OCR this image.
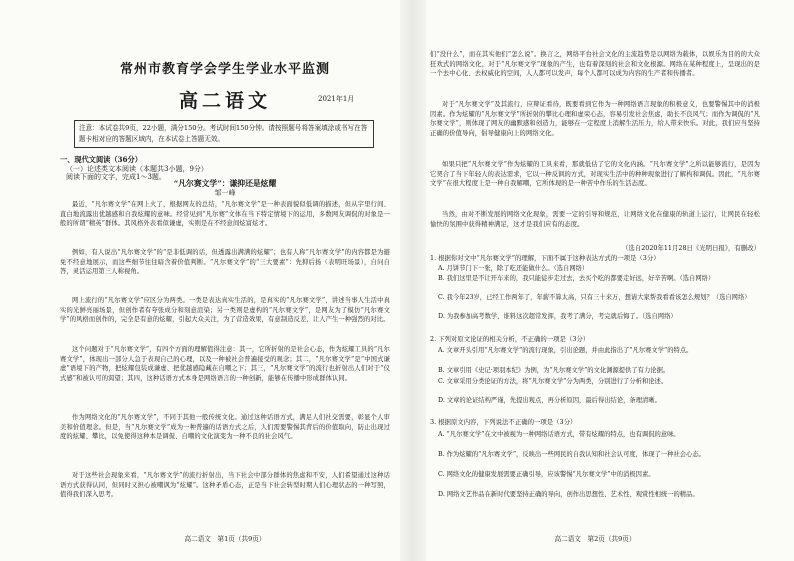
常州市教育学会学生学业水平监测
高二语文	2021年1月
注意：本试卷共9页，22小题，满分150分。考试时间150分钟。请按照题号将答案填涂或书写在答题卡相对应的答题区域内，在本试卷上答题无效。
一、现代文阅读（36分）
（一）论述类文本阅读（本题共3小题，9分）
阅读下面的文字，完成1～3题。
“凡尔赛文学”：谦抑还是炫耀
邹一峰

最近，“凡尔赛文学”在网上火了，根据网友的总结，“凡尔赛文学”是一种表面貌似低调的描述，但从字里行间、直白地流露出优越感和自我炫耀的意味。经常见到“凡尔赛”文体在当下特定情境下的运用，多数网友调侃的对象是一般的所谓“精英”群体。其风格外表看似谦虚，实则是在不经意间炫富炫才。

例如，有人说出“凡尔赛文学”的“是非低调的话，但透露出满满的炫耀”；也有人称“凡尔赛文学”的内容都是为避免不经意地展示，而这些细节往往暗含着价值判断。“凡尔赛文学”的“三大要素”：先抑后扬（表明旺场景），自问自答，灵活运用第三人称视角。

网上流行的“凡尔赛文学”应区分为两类。一类是表达真实生活的，是真实的“凡尔赛文学”，讲述当事人生活中真实的光鲜亮丽场景，但创作者有夸张成分和刻意渲染；另一类则是虚构的“凡尔赛文学”，是网友为了模仿“凡尔赛文学”的风格而创作的，完全是有意的炫耀，引起大众关注，为了营造效果，有意制造反差，让人产生一种强烈的对比。

这个问题对于“凡尔赛文学”，有四个方面的理解值得注意：其一，它所折射的是社会心态，作为炫耀工具的“凡尔赛文学”，体现出一部分人急于表现自己的心理，以及一种被社会普遍接受的观念；其二，“凡尔赛文学”是“中国式谦虚”语境下的产物，把炫耀包装成谦虚、把优越感隐藏在自嘲之下；其三，“凡尔赛文学”的流行也折射出人们对于“仪式感”和被认可的渴望；其四，这种话语方式本身是网络语言的一种创新，能够在传播中形成群体认同。

作为网络文化的“凡尔赛文学”，不同于其他一般传统文化。通过这种话语方式，满足人们社交需要，彰显个人审美和价值理念。但是，当“凡尔赛文学”成为一种普遍的话语方式之后，人们需要警惕其背后的价值取向，防止出现过度的炫耀、攀比，以免使得这种本是调侃、自嘲的文化演变为一种不良的社会风气。

对于这些社会现象来看，“凡尔赛文学”的流行折射出，当下社会中部分群体的焦虑和不安，人们希望通过这种话语方式获得认同，但同时又担心被嘲讽为“炫耀”。这种矛盾心态，正是当下社会转型时期人们心理状态的一种写照，值得我们深入思考。

高二语文　第1页（共9页）

们“没什么”，而在其实他们“怎么说”。换言之，网络平台社会文化的主流趋势是以网络为载体，以娱乐为目的的大众狂欢式的网络文化，对于“凡尔赛文学”现象的产生，也有着深刻的社会和文化根源。网络在某种程度上，呈现出的是一个去中心化、去权威化的空间，人人都可以发声，每个人都可以成为内容的生产者和传播者。

对于“凡尔赛文学”及其流行，应辩证看待，既要看到它作为一种网络语言现象的积极意义，也要警惕其中的消极因素。作为炫耀的“凡尔赛文学”所折射的攀比心理和虚荣心态，容易引发社会焦虑，助长不良风气；而作为调侃的“凡尔赛文学”，则体现了网友的幽默感和创造力，能够在一定程度上消解生活压力，给人带来快乐。对此，我们应当坚持正确的价值导向，倡导健康向上的网络文化。

如果只把“凡尔赛文学”作为炫耀的工具来看，那就低估了它的文化内涵。“凡尔赛文学”之所以能够流行，是因为它契合了当下年轻人的表达需求，它以一种反讽的方式，对现实生活中的种种现象进行了解构和调侃。因此，“凡尔赛文学”在很大程度上是一种自我解嘲，它所体现的是一种苦中作乐的生活态度。

当然，由对不断发展的网络文化现象，需要一定的引导和规范，让网络文化在健康的轨道上运行，让网民在轻松愉快的氛围中获得精神满足，这才是我们应有的态度。

（选自2020年11月28日《光明日报》，有删改）
1. 根据你对文中“凡尔赛文学”的理解，下面不属于这种表达方式的一项是（3分）
A. 月饼节门下一张，除了吃还能做什么。（选自网络）
B. 我们这里是不让开车来的，我只能徒步走过去，去买个吃的都要走好远，好辛苦啊。（选自网络）
C. 我今年23岁，已经工作两年了，年薪不算太高，只有三十来万，想请大家帮我看看该怎么规划？（选自网络）
D. 为我参加高考数学，谁料这次超常发挥，我考了满分，考完就后悔了。（选自网络）
2. 下列对原文论证的相关分析，不正确的一项是（3分）
A. 文章开头引用“凡尔赛文学”的流行现象，引出论题，并由此指出了“凡尔赛文学”的特点。
B. 文章引用《史记·项羽本纪》为例，为“凡尔赛文学”的文化渊源提供了有力论据。
C. 文章采用分类论证的方法，将“凡尔赛文学”分为两类，分别进行了分析和论述。
D. 文章的论证结构严谨，先提出观点，再分析原因，最后得出结论，条理清晰。
3. 根据原文内容，下列说法不正确的一项是（3分）
A. “凡尔赛文学”在文中被视为一种网络话语方式，带有炫耀的特点，也有调侃的意味。
B. 作为炫耀的“凡尔赛文学”，反映出一些网民的自我认知和社会认可度，体现了一种社会心态。
C. 网络文化的健康发展需要正确引导，应该警惕“凡尔赛文学”中的消极因素。
D. 网络文艺作品在新时代要坚持正确的导向，创作出思想性、艺术性、观赏性相统一的精品。
高二语文　第2页（共9页）
